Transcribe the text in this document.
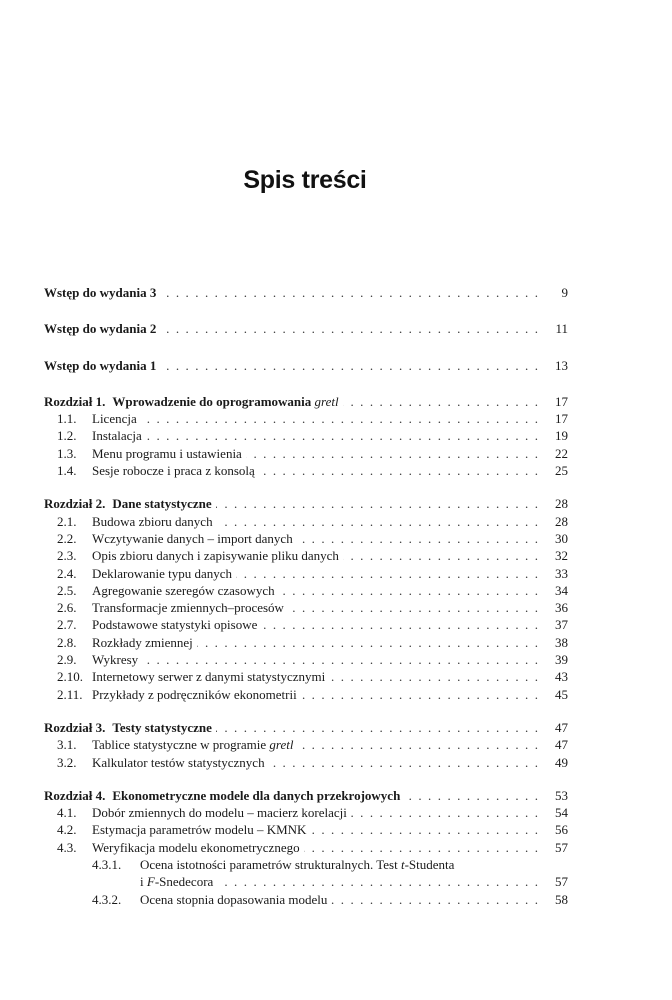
Spis treści
Wstęp do wydania 3 . . .	9
Wstęp do wydania 2 . . .	11
Wstęp do wydania 1 . . .	13
Rozdział 1. Wprowadzenie do oprogramowania gretl . . .	17
1.1.	Licencja . . .	17
1.2.	Instalacja . . .	19
1.3.	Menu programu i ustawienia . . .	22
1.4.	Sesje robocze i praca z konsolą . . .	25
Rozdział 2. Dane statystyczne . . .	28
2.1.	Budowa zbioru danych . . .	28
2.2.	Wczytywanie danych – import danych . . .	30
2.3.	Opis zbioru danych i zapisywanie pliku danych . . .	32
2.4.	Deklarowanie typu danych . . .	33
2.5.	Agregowanie szeregów czasowych . . .	34
2.6.	Transformacje zmiennych–procesów . . .	36
2.7.	Podstawowe statystyki opisowe . . .	37
2.8.	Rozkłady zmiennej . . .	38
2.9.	Wykresy . . .	39
2.10. Internetowy serwer z danymi statystycznymi . . .	43
2.11. Przykłady z podręczników ekonometrii . . .	45
Rozdział 3. Testy statystyczne . . .	47
3.1.	Tablice statystyczne w programie gretl . . .	47
3.2.	Kalkulator testów statystycznych . . .	49
Rozdział 4. Ekonometryczne modele dla danych przekrojowych . . .	53
4.1.	Dobór zmiennych do modelu – macierz korelacji . . .	54
4.2.	Estymacja parametrów modelu – KMNK . . .	56
4.3.	Weryfikacja modelu ekonometrycznego . . .	57
4.3.1.	Ocena istotności parametrów strukturalnych. Test t-Studenta
i F-Snedecora . . .	57
4.3.2.	Ocena stopnia dopasowania modelu . . .	58
